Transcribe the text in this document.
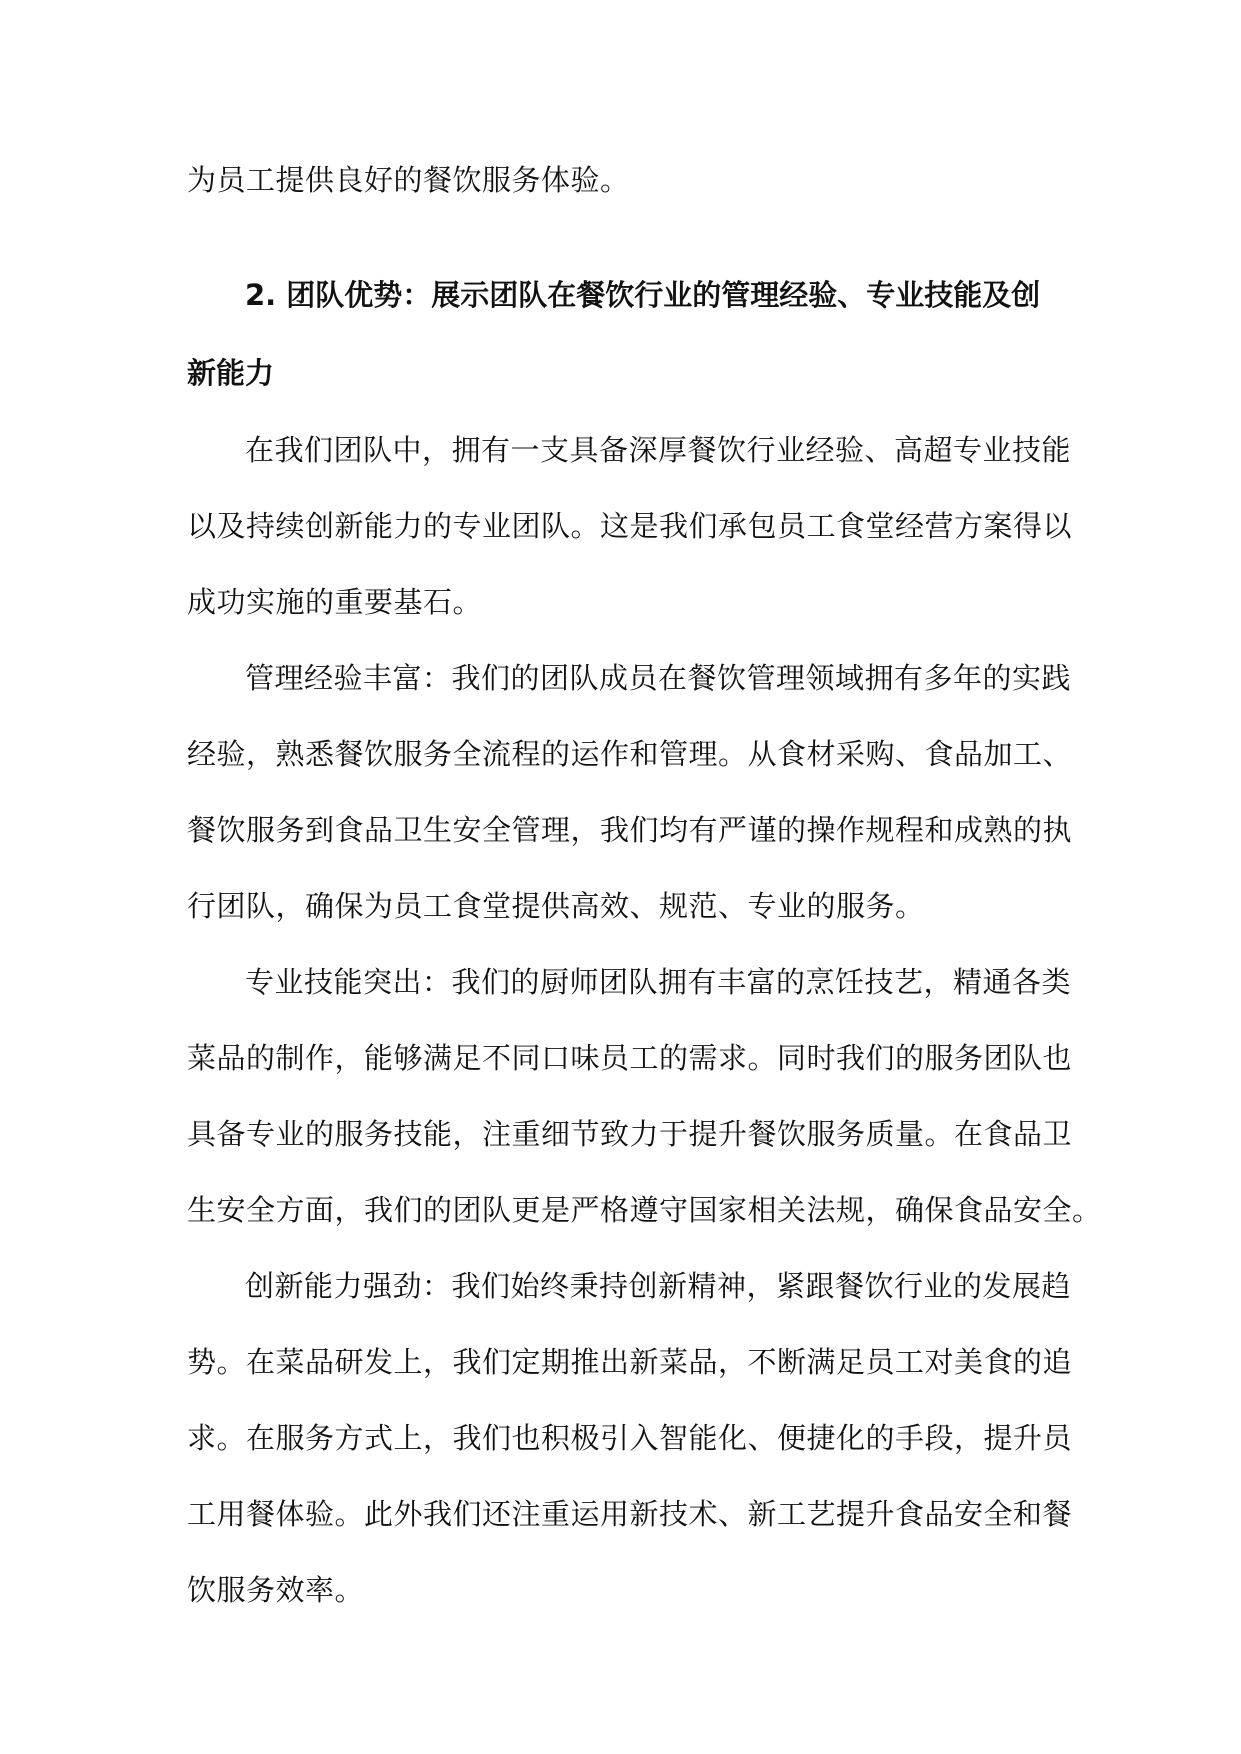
为员工提供良好的餐饮服务体验。

2. 团队优势：展示团队在餐饮行业的管理经验、专业技能及创

新能力

在我们团队中，拥有一支具备深厚餐饮行业经验、高超专业技能

以及持续创新能力的专业团队。这是我们承包员工食堂经营方案得以

成功实施的重要基石。

管理经验丰富：我们的团队成员在餐饮管理领域拥有多年的实践

经验，熟悉餐饮服务全流程的运作和管理。从食材采购、食品加工、

餐饮服务到食品卫生安全管理，我们均有严谨的操作规程和成熟的执

行团队，确保为员工食堂提供高效、规范、专业的服务。

专业技能突出：我们的厨师团队拥有丰富的烹饪技艺，精通各类

菜品的制作，能够满足不同口味员工的需求。同时我们的服务团队也

具备专业的服务技能，注重细节致力于提升餐饮服务质量。在食品卫

生安全方面，我们的团队更是严格遵守国家相关法规，确保食品安全。

创新能力强劲：我们始终秉持创新精神，紧跟餐饮行业的发展趋

势。在菜品研发上，我们定期推出新菜品，不断满足员工对美食的追

求。在服务方式上，我们也积极引入智能化、便捷化的手段，提升员

工用餐体验。此外我们还注重运用新技术、新工艺提升食品安全和餐

饮服务效率。
